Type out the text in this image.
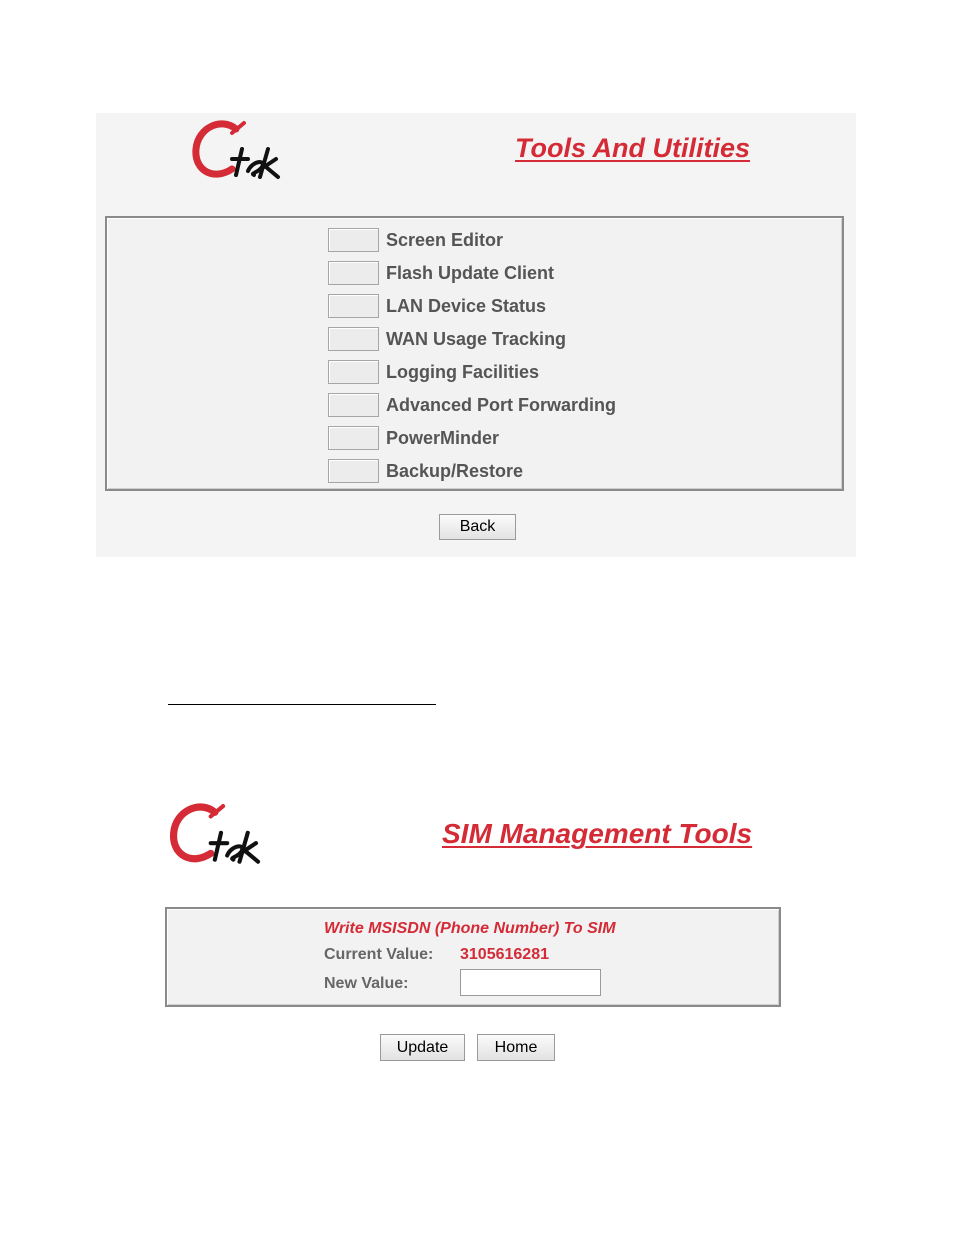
Tools And Utilities
Screen Editor
Flash Update Client
LAN Device Status
WAN Usage Tracking
Logging Facilities
Advanced Port Forwarding
PowerMinder
Backup/Restore
Back
SIM Management Tools
Write MSISDN (Phone Number) To SIM
Current Value: 3105616281
New Value:
Update	Home
